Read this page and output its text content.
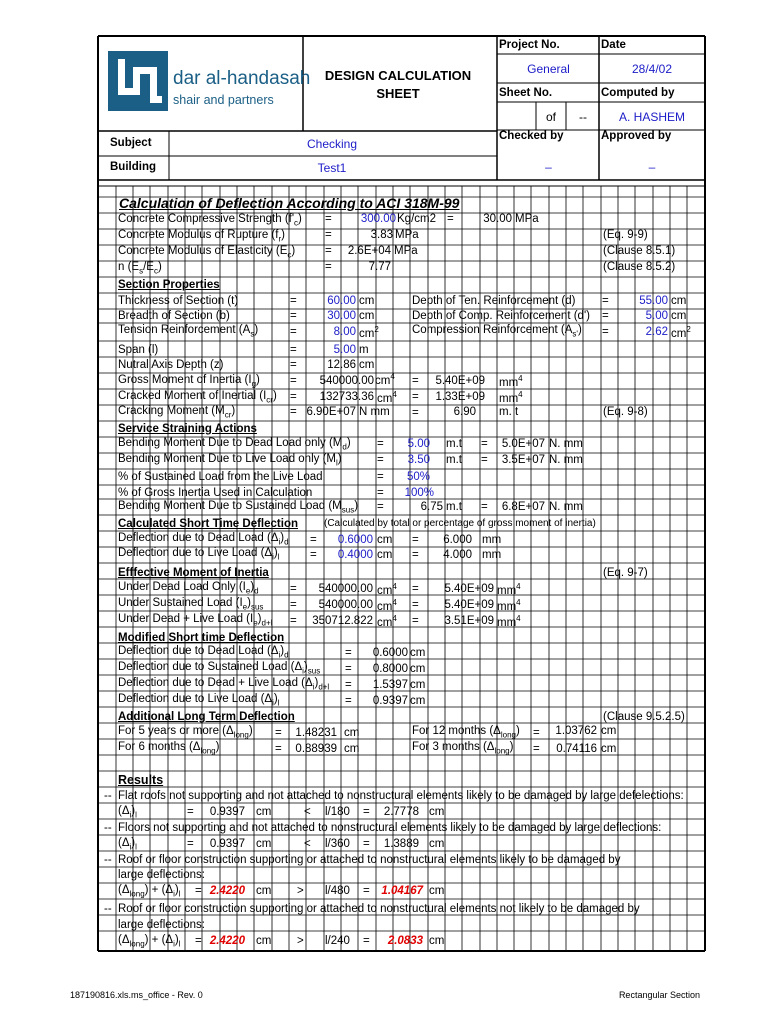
dar al-handasah
shair and partners
DESIGN CALCULATION
SHEET
Project No.	Date
General	28/4/02
Sheet No.	Computed by
of	--	A. HASHEM
Checked by	Approved by
–	–
Subject	Checking
Building	Test1
Calculation of Deflection According to ACI 318M-99
Concrete Compressive Strength $(f'_c)$ =	300.00 Kg/cm2 =	30.00 MPa
Concrete Modulus of Rupture $(f_r)$	=	3.83 MPa	(Eq. 9-9)
Concrete Modulus of Elasticity $(E_c)$	=	2.6E+04 MPa	(Clause 8.5.1)
n $(E_s/E_c)$	=	7.77	(Clause 8.5.2)
Section Properties
Thickness of Section (t)	=	60.00 cm	Depth of Ten. Reinforcement (d) =	55.00 cm
Breadth of Section (b)	=	30.00 cm	Depth of Comp. Reinforcement (d') =	5.00 cm
Tension Reinforcement $(A_s)$	=	8.00 $cm^2$	Compression Reinforcement $(A_{s'})$ =	2.62 $cm^2$
Span (l)	=	5.00 m
Nutral Axis Depth (z)	=	12.86 cm
Gross Moment of Inertia $(I_g)$	=	540000.00 $cm^4$ =	5.40E+09 $mm^4$
Cracked Moment of Inertial $(I_{cr})$ =	132733.36 $cm^4$ =	1.33E+09 $mm^4$
Cracking Moment $(M_{cr})$	= 6.90E+07 N mm =	6.90 m. t	(Eq. 9-8)
Service Straining Actions
Bending Moment Due to Dead Load only $(M_d)$ =	5.00 m.t =	5.0E+07 N. mm
Bending Moment Due to Live Load only $(M_l)$	=	3.50 m.t =	3.5E+07 N. mm
% of Sustained Load from the Live Load	=	50%
% of Gross Inertia Used in Calculation	=	100%
Bending Moment Due to Sustained Load $(M_{sus})$ =	6.75 m.t =	6.8E+07 N. mm
Calculated Short Time Deflection	(Calculated by total or percentage of gross moment of inertia)
Deflection due to Dead Load $(\Delta_i)_d$ =	0.6000 cm =	6.000 mm
Deflection due to Live Load $(\Delta_i)_l$	=	0.4000 cm =	4.000 mm
Efffective Moment of Inertia	(Eq. 9-7)
Under Dead Load Only $(I_e)_d$	=	540000.00 $cm^4$ =	5.40E+09 $mm^4$
Under Sustained Load $(I_e)_{sus}$ =	540000.00 $cm^4$ =	5.40E+09 $mm^4$
Under Dead + Live Load $(I_e)_{d+l}$ =	350712.822 $cm^4$ =	3.51E+09 $mm^4$
Modified Short time Deflection
Deflection due to Dead Load $(\Delta_i)_d$	=	0.6000 cm
Deflection due to Sustained Load $(\Delta_i)_{sus}$ =	0.8000 cm
Deflection due to Dead + Live Load $(\Delta_i)_{d+l}$ =	1.5397 cm
Deflection due to Live Load $(\Delta_i)_l$	=	0.9397 cm
Additional Long Term Deflection	(Clause 9.5.2.5)
For 5 years or more $(\Delta_{long})$ =	1.48231 cm	For 12 months $(\Delta_{long})$ =	1.03762 cm
For 6 months $(\Delta_{long})$	=	0.88939 cm	For 3 months $(\Delta_{long})$ =	0.74116 cm
Results
-- Flat roofs not supporting and not attached to nonstructural elements likely to be damaged by large defelections:
$(\Delta_i)_l$	=	0.9397 cm	< l/180 =	2.7778 cm
-- Floors not supporting and not attached to nonstructural elements likely to be damaged by large deflections:
$(\Delta_i)_l$	=	0.9397 cm	< l/360 =	1.3889 cm
-- Roof or floor construction supporting or attached to nonstructural elements likely to be damaged by
large deflections:
$(\Delta_{long}) + (\Delta_i)_l = 2.4220$ cm > l/480 =	1.04167 cm
-- Roof or floor construction supporting or attached to nonstructural elements not likely to be damaged by
large deflections:
$(\Delta_{long}) + (\Delta_i)_l = 2.4220$ cm > l/240 =	2.0833 cm
187190816.xls.ms_office - Rev. 0	Rectangular Section
